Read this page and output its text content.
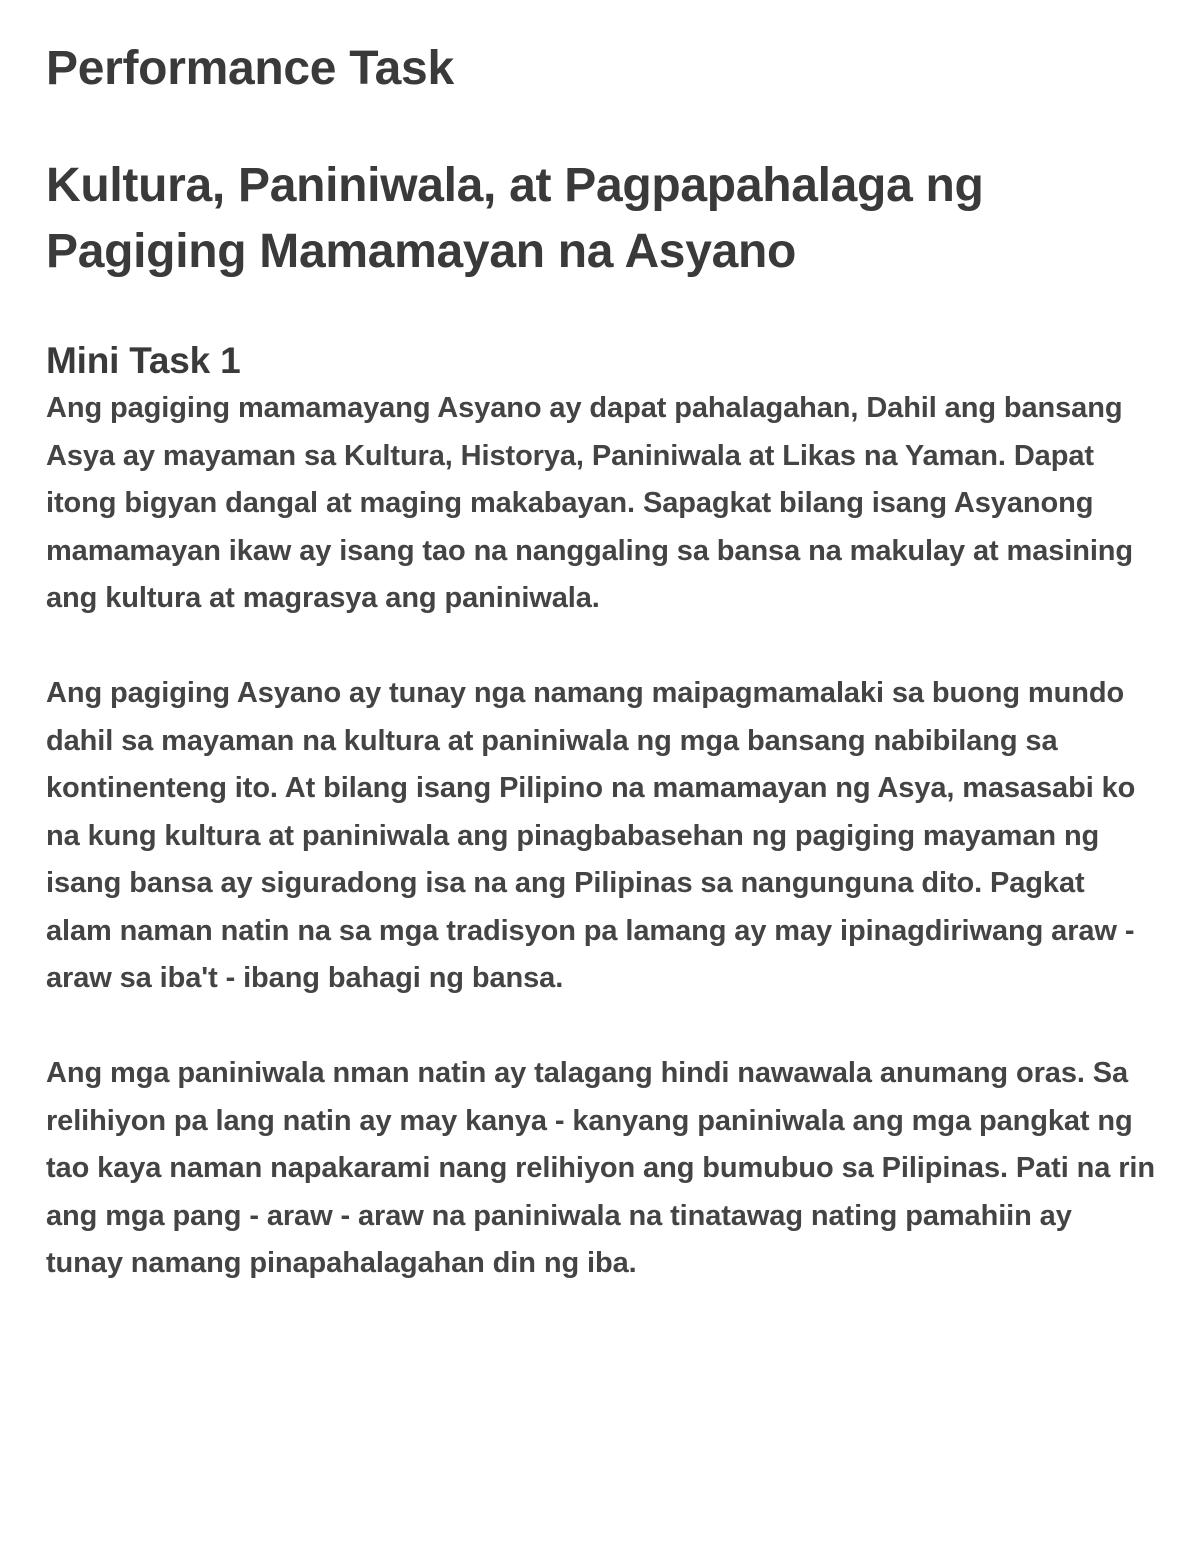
Performance Task
Kultura, Paniniwala, at Pagpapahalaga ng Pagiging Mamamayan na Asyano
Mini Task 1

Ang pagiging mamamayang Asyano ay dapat pahalagahan, Dahil ang bansang Asya ay mayaman sa Kultura, Historya, Paniniwala at Likas na Yaman. Dapat itong bigyan dangal at maging makabayan. Sapagkat bilang isang Asyanong mamamayan ikaw ay isang tao na nanggaling sa bansa na makulay at masining ang kultura at magrasya ang paniniwala.

Ang pagiging Asyano ay tunay nga namang maipagmamalaki sa buong mundo dahil sa mayaman na kultura at paniniwala ng mga bansang nabibilang sa kontinenteng ito. At bilang isang Pilipino na mamamayan ng Asya, masasabi ko na kung kultura at paniniwala ang pinagbabasehan ng pagiging mayaman ng isang bansa ay siguradong isa na ang Pilipinas sa nangunguna dito. Pagkat alam naman natin na sa mga tradisyon pa lamang ay may ipinagdiriwang araw - araw sa iba't - ibang bahagi ng bansa.

Ang mga paniniwala nman natin ay talagang hindi nawawala anumang oras. Sa relihiyon pa lang natin ay may kanya - kanyang paniniwala ang mga pangkat ng tao kaya naman napakarami nang relihiyon ang bumubuo sa Pilipinas. Pati na rin ang mga pang - araw - araw na paniniwala na tinatawag nating pamahiin ay tunay namang pinapahalagahan din ng iba.
